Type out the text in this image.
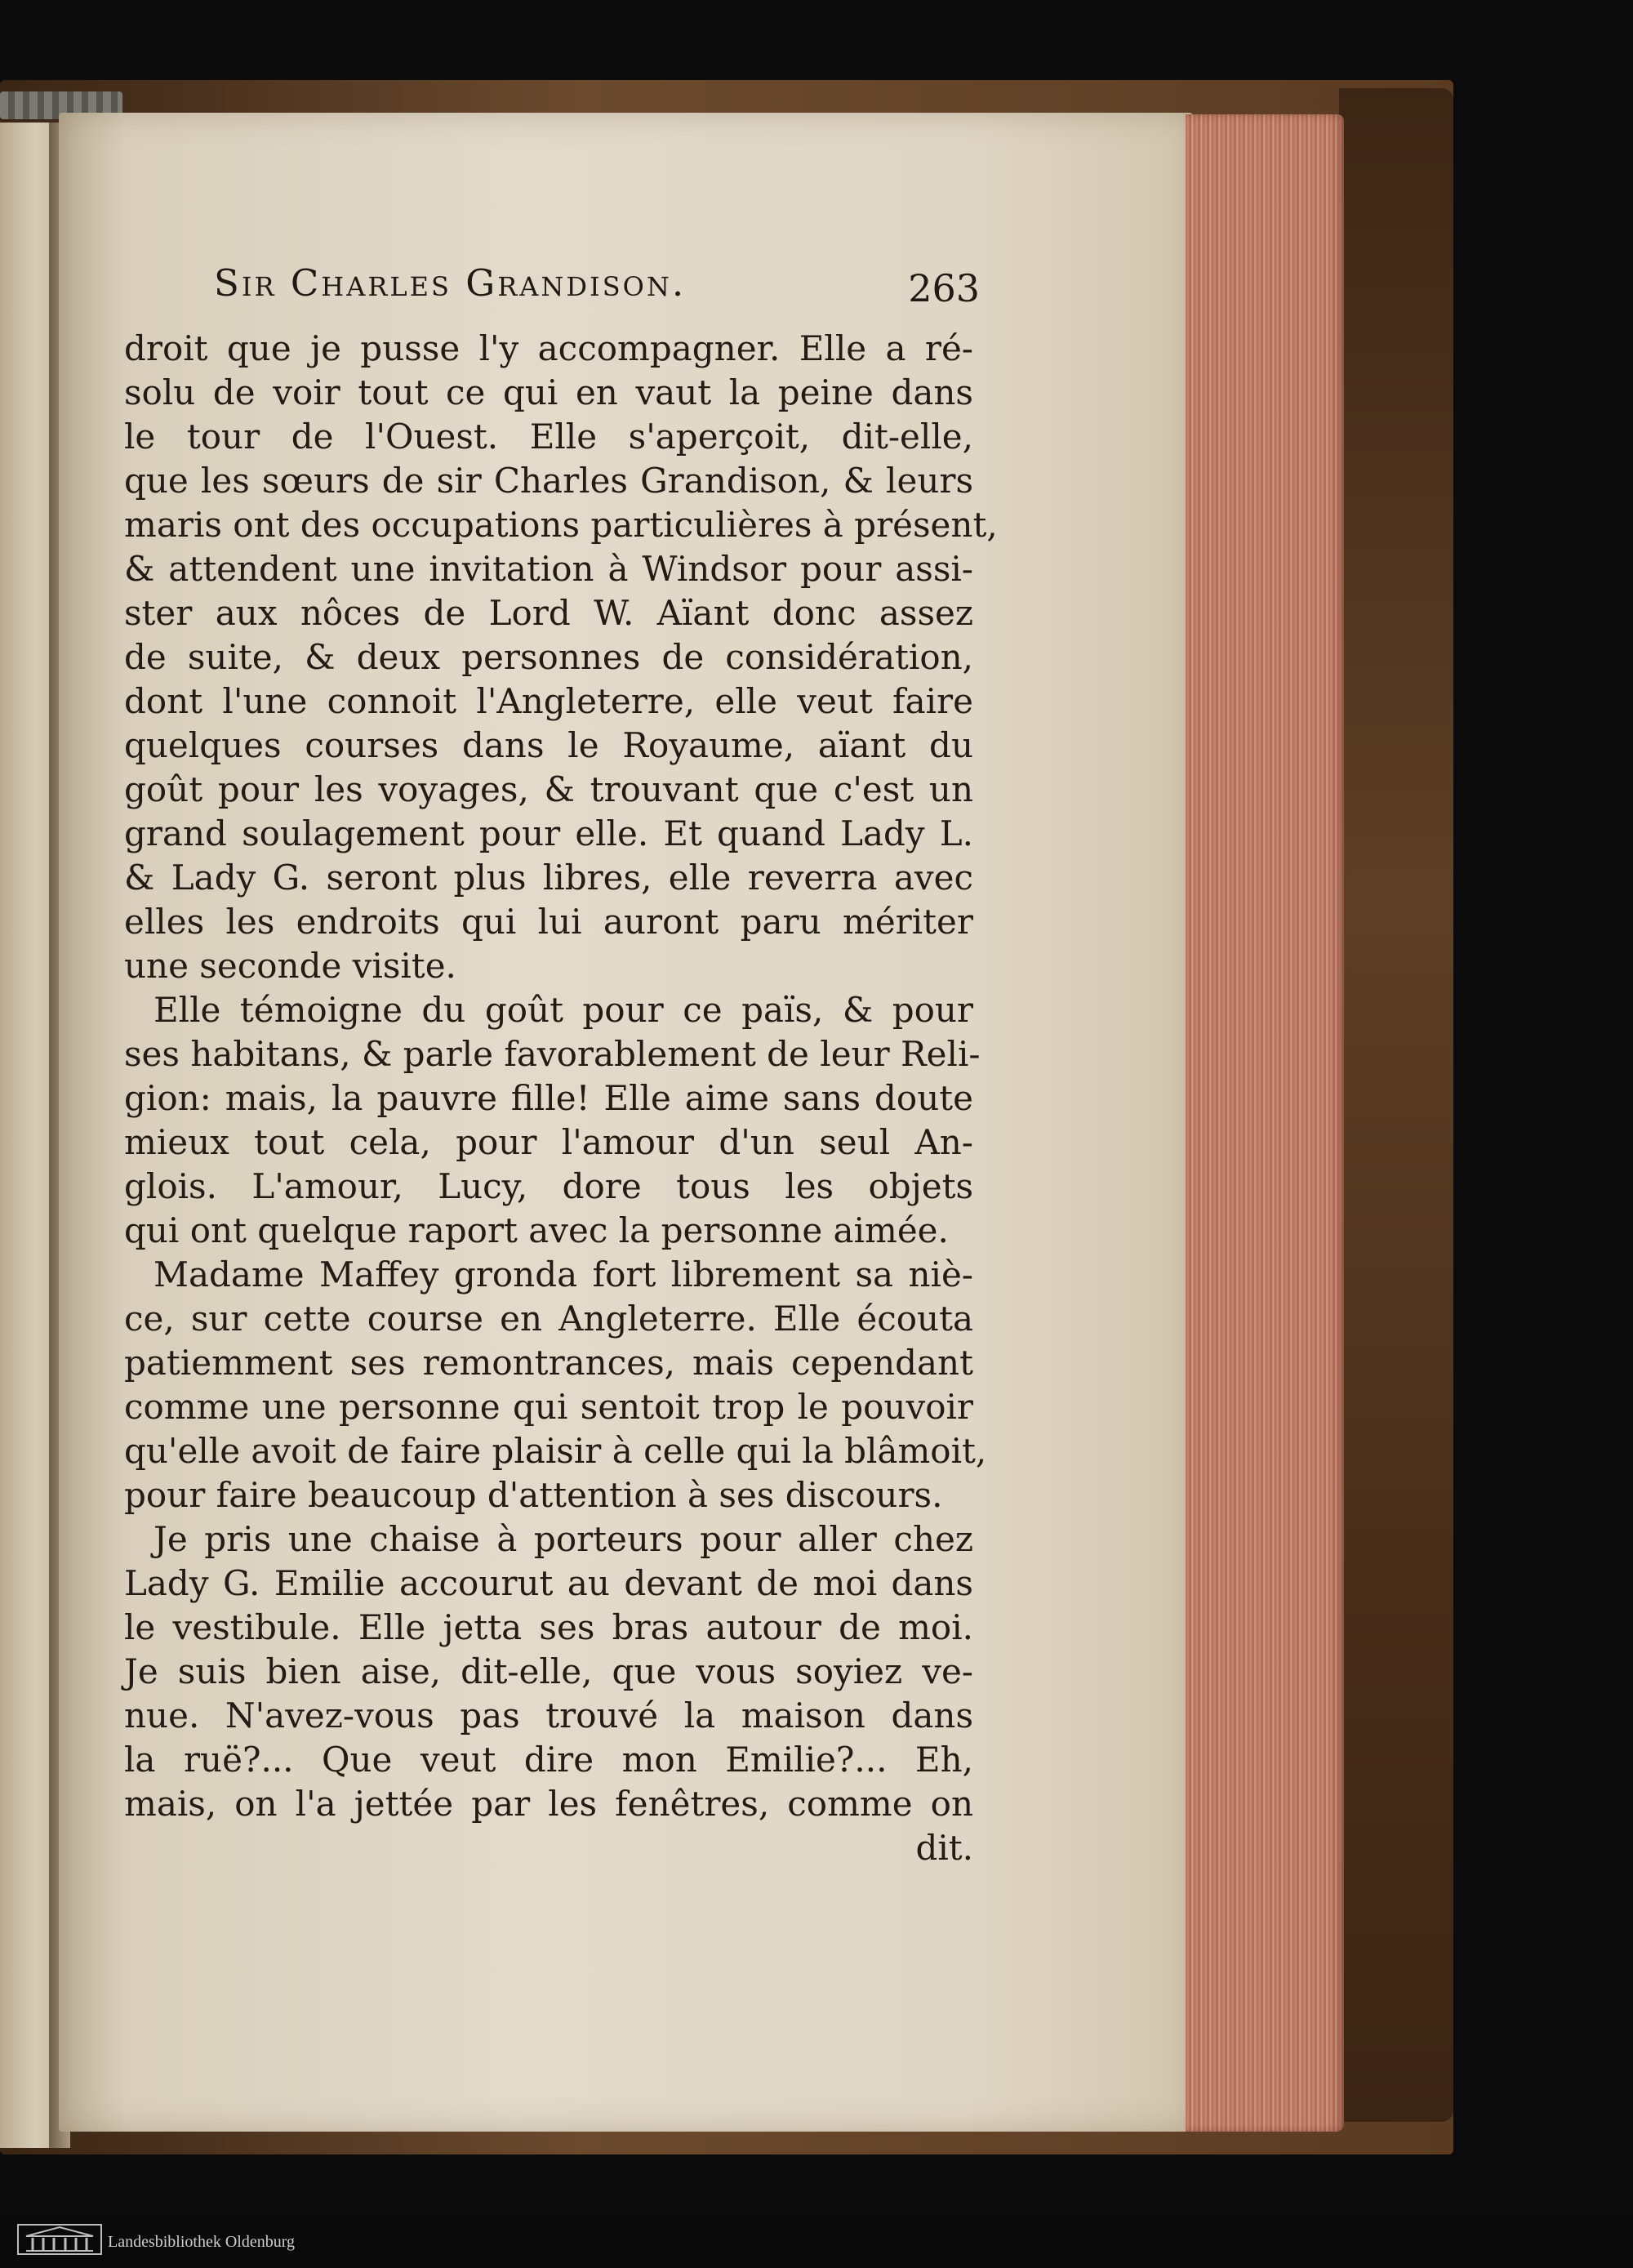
Sir Charles Grandison.	263
droit que je pusse l'y accompagner. Elle a ré-
solu de voir tout ce qui en vaut la peine dans
le tour de l'Ouest. Elle s'aperçoit, dit-elle,
que les sœurs de sir Charles Grandison, & leurs
maris ont des occupations particulières à présent,
& attendent une invitation à Windsor pour assi-
ster aux nôces de Lord W. Aïant donc assez
de suite, & deux personnes de considération,
dont l'une connoit l'Angleterre, elle veut faire
quelques courses dans le Royaume, aïant du
goût pour les voyages, & trouvant que c'est un
grand soulagement pour elle. Et quand Lady L.
& Lady G. seront plus libres, elle reverra avec
elles les endroits qui lui auront paru mériter
une seconde visite.
Elle témoigne du goût pour ce païs, & pour
ses habitans, & parle favorablement de leur Reli-
gion: mais, la pauvre fille! Elle aime sans doute
mieux tout cela, pour l'amour d'un seul An-
glois. L'amour, Lucy, dore tous les objets
qui ont quelque raport avec la personne aimée.
Madame Maffey gronda fort librement sa niè-
ce, sur cette course en Angleterre. Elle écouta
patiemment ses remontrances, mais cependant
comme une personne qui sentoit trop le pouvoir
qu'elle avoit de faire plaisir à celle qui la blâmoit,
pour faire beaucoup d'attention à ses discours.
Je pris une chaise à porteurs pour aller chez
Lady G. Emilie accourut au devant de moi dans
le vestibule. Elle jetta ses bras autour de moi.
Je suis bien aise, dit-elle, que vous soyiez ve-
nue. N'avez-vous pas trouvé la maison dans
la ruë?... Que veut dire mon Emilie?... Eh,
mais, on l'a jettée par les fenêtres, comme on
dit.
Landesbibliothek Oldenburg
